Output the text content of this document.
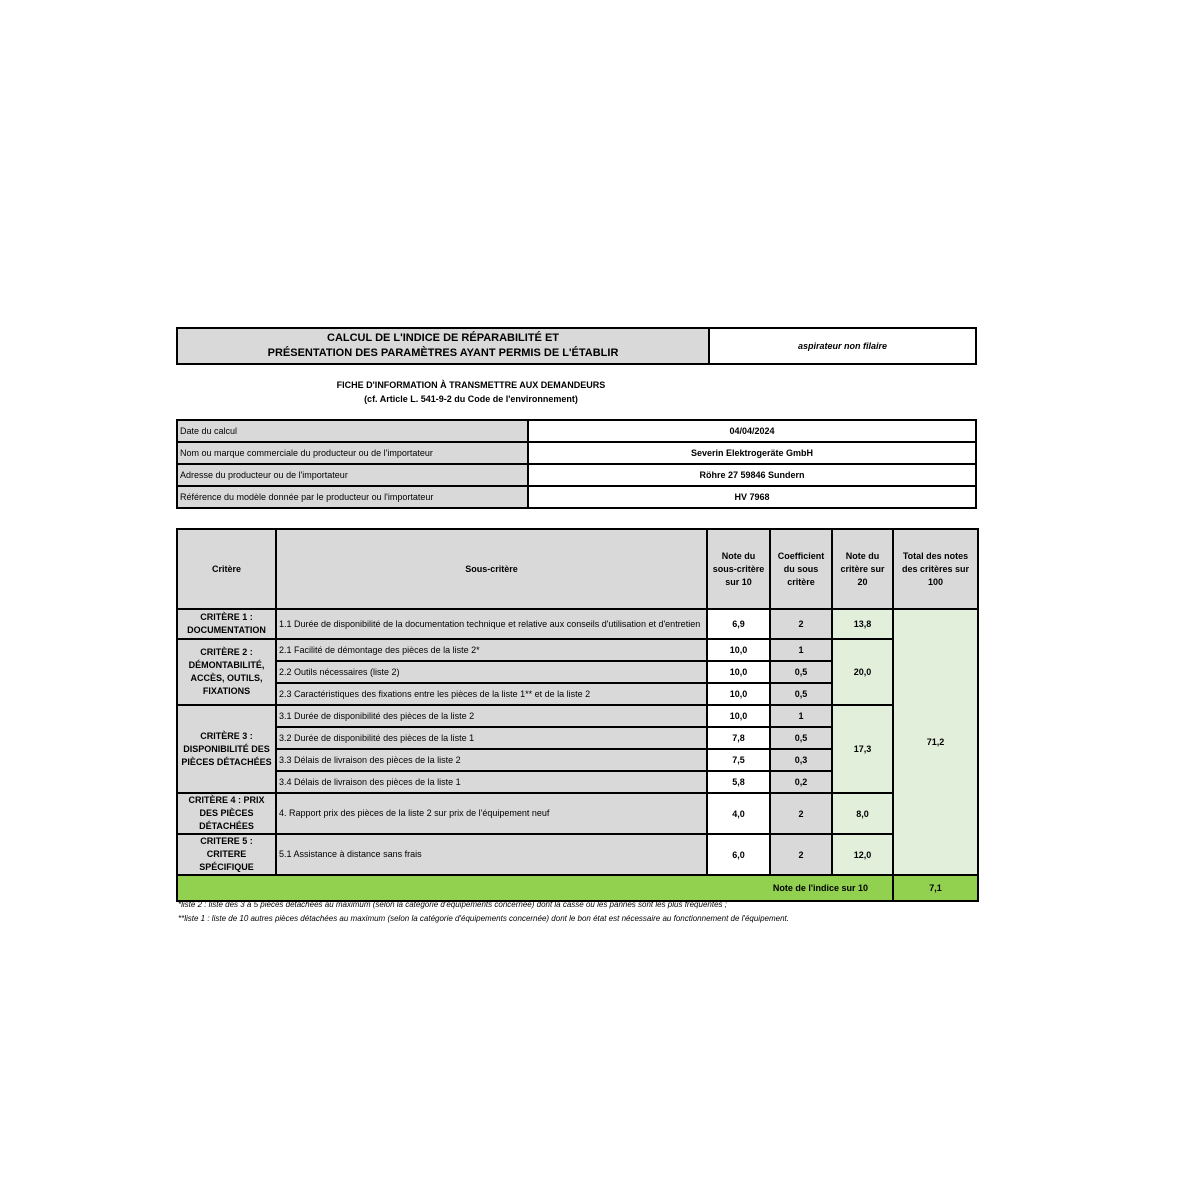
CALCUL DE L'INDICE DE RÉPARABILITÉ ET
PRÉSENTATION DES PARAMÈTRES AYANT PERMIS DE L'ÉTABLIR
aspirateur non filaire
FICHE D'INFORMATION À TRANSMETTRE AUX DEMANDEURS
(cf. Article L. 541-9-2 du Code de l'environnement)
Date du calcul	04/04/2024
Nom ou marque commerciale du producteur ou de l'importateur	Severin Elektrogeräte GmbH
Adresse du producteur ou de l'importateur	Röhre 27 59846 Sundern
Référence du modèle donnée par le producteur ou l'importateur	HV 7968
Critère	Sous-critère	Note du sous-critère sur 10	Coefficient du sous critère	Note du critère sur 20	Total des notes des critères sur 100
CRITÈRE 1 : DOCUMENTATION	1.1 Durée de disponibilité de la documentation technique et relative aux conseils d'utilisation et d'entretien	6,9	2	13,8	71,2
CRITÈRE 2 : DÉMONTABILITÉ, ACCÈS, OUTILS, FIXATIONS	2.1 Facilité de démontage des pièces de la liste 2*	10,0	1	20,0	
	2.2 Outils nécessaires (liste 2)	10,0	0,5		
	2.3 Caractéristiques des fixations entre les pièces de la liste 1** et de la liste 2	10,0	0,5		
CRITÈRE 3 : DISPONIBILITÉ DES PIÈCES DÉTACHÉES	3.1 Durée de disponibilité des pièces de la liste 2	10,0	1	17,3	
	3.2 Durée de disponibilité des pièces de la liste 1	7,8	0,5		
	3.3 Délais de livraison des pièces de la liste 2	7,5	0,3		
	3.4 Délais de livraison des pièces de la liste 1	5,8	0,2		
CRITÈRE 4 : PRIX DES PIÈCES DÉTACHÉES	4. Rapport prix des pièces de la liste 2 sur prix de l'équipement neuf	4,0	2	8,0	
CRITERE 5 : CRITERE SPÉCIFIQUE	5.1 Assistance à distance sans frais	6,0	2	12,0	
Note de l'indice sur 10					7,1
*liste 2 : liste des 3 à 5 pièces détachées au maximum (selon la catégorie d'équipements concernée) dont la casse ou les pannes sont les plus fréquentes ;
**liste 1 : liste de 10 autres pièces détachées au maximum (selon la catégorie d'équipements concernée) dont le bon état est nécessaire au fonctionnement de l'équipement.
